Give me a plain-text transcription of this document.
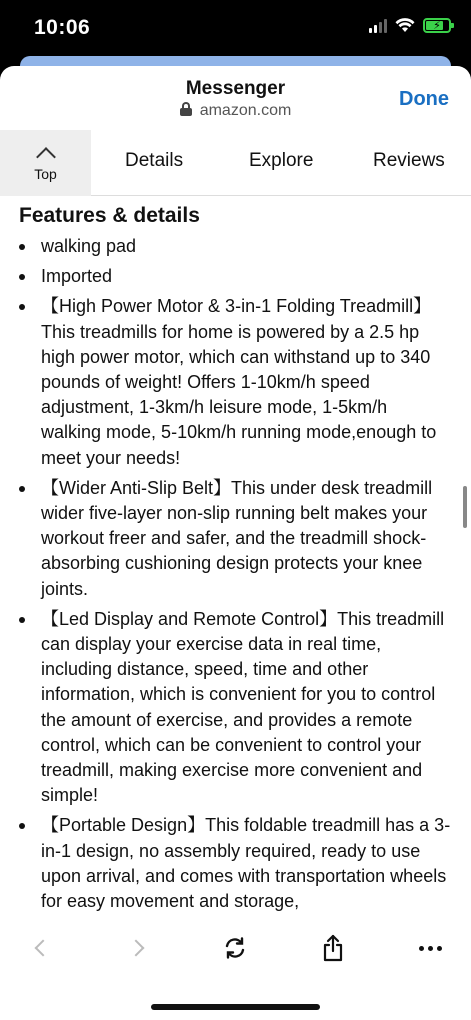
10:06	⚡
Messenger
amazon.com
Done
Top
Details	Explore	Reviews
Features & details
walking pad
Imported
【High Power Motor & 3-in-1 Folding Treadmill】This treadmills for home is powered by a 2.5 hp high power motor, which can withstand up to 340 pounds of weight! Offers 1-10km/h speed adjustment, 1-3km/h leisure mode, 1-5km/h walking mode, 5-10km/h running mode,enough to meet your needs!
【Wider Anti-Slip Belt】This under desk treadmill wider five-layer non-slip running belt makes your workout freer and safer, and the treadmill shock-absorbing cushioning design protects your knee joints.
【Led Display and Remote Control】This treadmill can display your exercise data in real time, including distance, speed, time and other information, which is convenient for you to control the amount of exercise, and provides a remote control, which can be convenient to control your treadmill, making exercise more convenient and simple!
【Portable Design】This foldable treadmill has a 3-in-1 design, no assembly required, ready to use upon arrival, and comes with transportation wheels for easy movement and storage,
